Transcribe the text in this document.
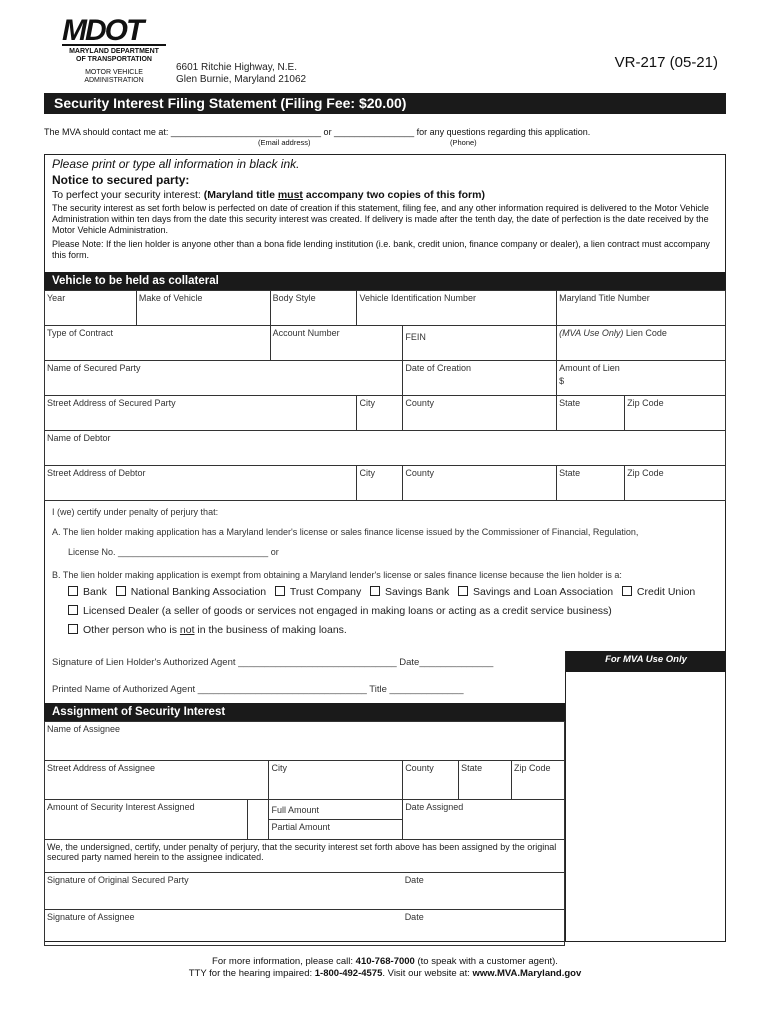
MDOT
MARYLAND DEPARTMENT
OF TRANSPORTATION
MOTOR VEHICLE
ADMINISTRATION
6601 Ritchie Highway, N.E.
Glen Burnie, Maryland 21062
VR-217 (05-21)
Security Interest Filing Statement (Filing Fee: $20.00)
The MVA should contact me at: ______________________________ or ________________ for any questions regarding this application.
(Email address)	(Phone)

Please print or type all information in black ink.

Notice to secured party:

To perfect your security interest: (Maryland title must accompany two copies of this form)

The security interest as set forth below is perfected on date of creation if this statement, filing fee, and any other information required is delivered to the Motor Vehicle Administration within ten days from the date this security interest was created. If delivery is made after the tenth day, the date of perfection is the date received by the Motor Vehicle Administration.

Please Note: If the lien holder is anyone other than a bona fide lending institution (i.e. bank, credit union, finance company or dealer), a lien contract must accompany this form.

Vehicle to be held as collateral
Year	Make of Vehicle	Body Style	Vehicle Identification Number		Maryland Title Number	
Type of Contract		Account Number		FEIN	(MVA Use Only) Lien Code	
Name of Secured Party				Date of Creation	Amount of Lien
$	

Street Address of Secured Party			City	County	State	Zip Code
Name of Debtor						
Street Address of Debtor			City	County	State	Zip Code
I (we) certify under penalty of perjury that:
A. The lien holder making application has a Maryland lender's license or sales finance license issued by the Commissioner of Financial, Regulation,
License No. ______________________________ or
B. The lien holder making application is exempt from obtaining a Maryland lender's license or sales finance license because the lien holder is a:
Bank National Banking Association Trust Company Savings Bank Savings and Loan Association Credit Union
Licensed Dealer (a seller of goods or services not engaged in making loans or acting as a credit service business)
Other person who is not in the business of making loans.
Signature of Lien Holder's Authorized Agent ______________________________ Date______________
Printed Name of Authorized Agent ________________________________ Title ______________
For MVA Use Only
Assignment of Security Interest
Name of Assignee					
Street Address of Assignee		City	County	State	Zip Code
Amount of Security Interest Assigned		Full Amount	Date Assigned		
		Partial Amount			
We, the undersigned, certify, under penalty of perjury, that the security interest set forth above has been assigned by the original secured party named herein to the assignee indicated.					
Signature of Original Secured Party			Date		
Signature of Assignee			Date		
For more information, please call: 410-768-7000 (to speak with a customer agent).
TTY for the hearing impaired: 1-800-492-4575. Visit our website at: www.MVA.Maryland.gov
